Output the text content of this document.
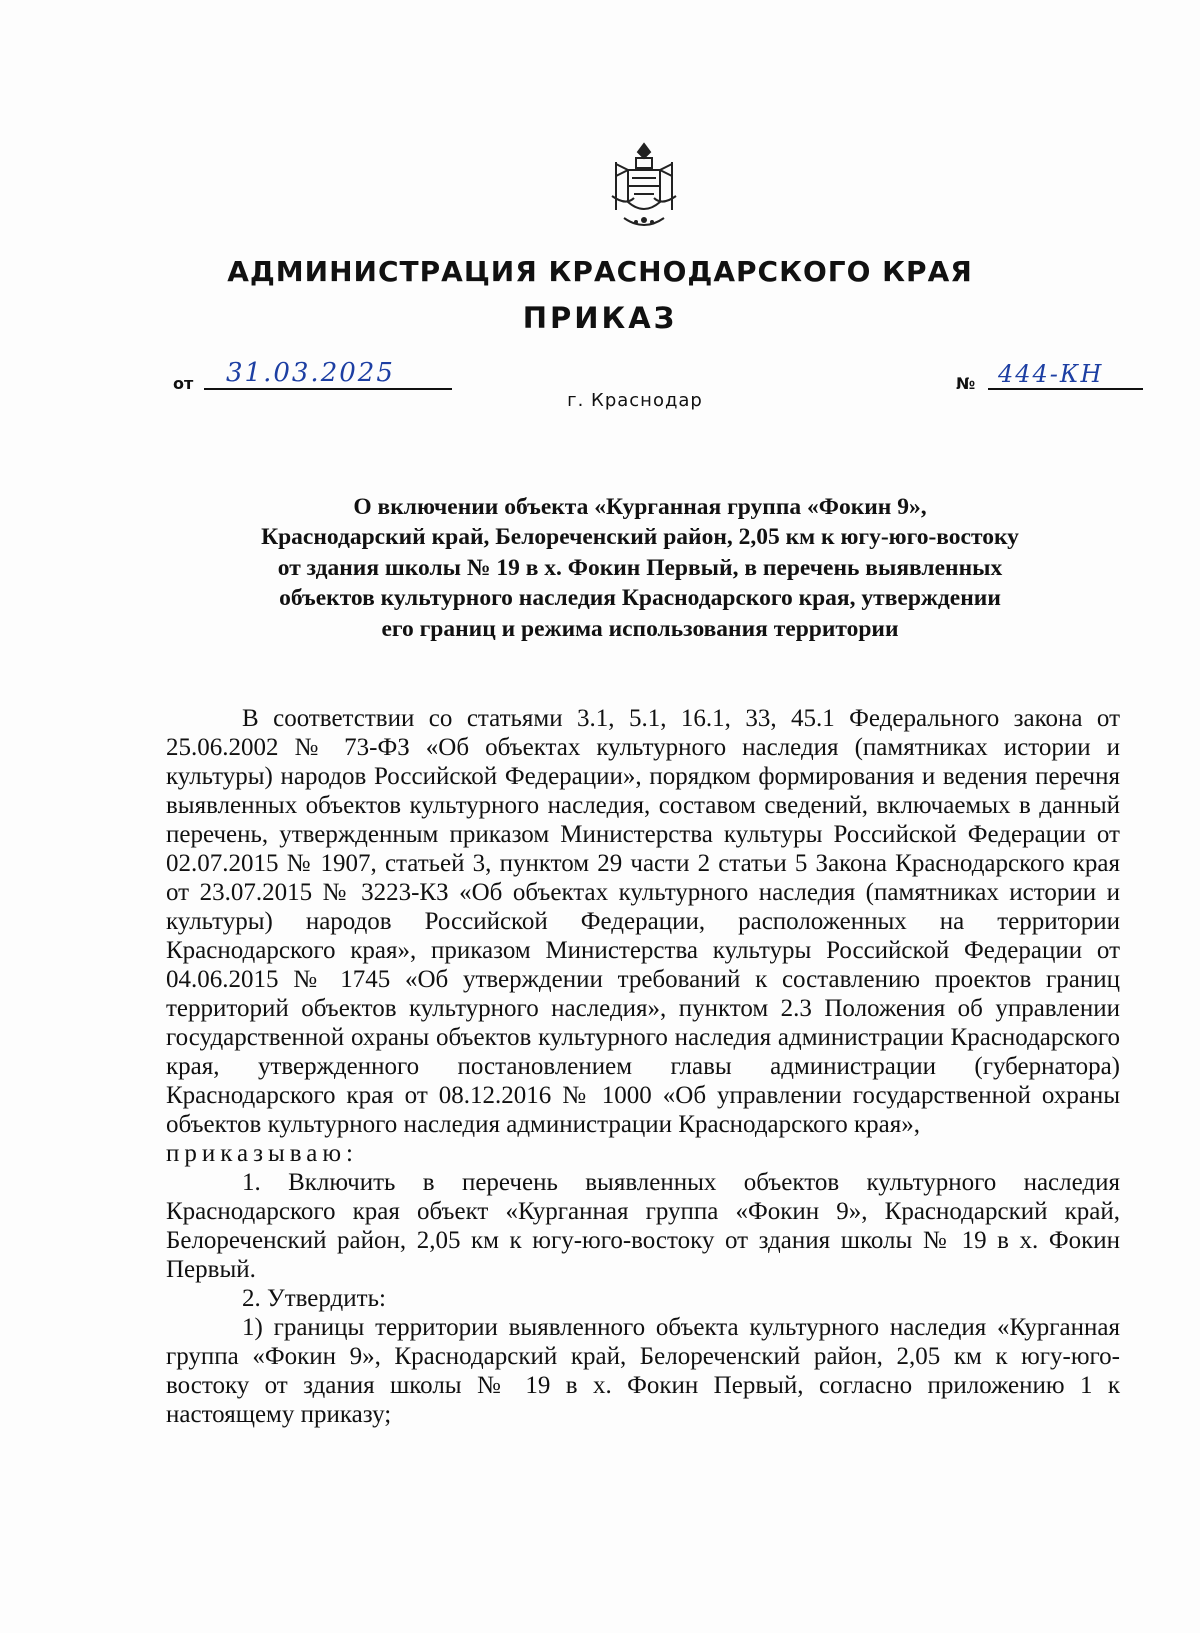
АДМИНИСТРАЦИЯ КРАСНОДАРСКОГО КРАЯ
ПРИКАЗ
от 31.03.2025	№ 444-КН
г. Краснодар
О включении объекта «Курганная группа «Фокин 9»,
Краснодарский край, Белореченский район, 2,05 км к югу-юго-востоку
от здания школы № 19 в х. Фокин Первый, в перечень выявленных
объектов культурного наследия Краснодарского края, утверждении
его границ и режима использования территории

В соответствии со статьями 3.1, 5.1, 16.1, 33, 45.1 Федерального закона от 25.06.2002 № 73-ФЗ «Об объектах культурного наследия (памятниках истории и культуры) народов Российской Федерации», порядком формирования и ведения перечня выявленных объектов культурного наследия, составом сведений, включаемых в данный перечень, утвержденным приказом Министерства культуры Российской Федерации от 02.07.2015 № 1907, статьей 3, пунктом 29 части 2 статьи 5 Закона Краснодарского края от 23.07.2015 № 3223-КЗ «Об объектах культурного наследия (памятниках истории и культуры) народов Российской Федерации, расположенных на территории Краснодарского края», приказом Министерства культуры Российской Федерации от 04.06.2015 № 1745 «Об утверждении требований к составлению проектов границ территорий объектов культурного наследия», пунктом 2.3 Положения об управлении государственной охраны объектов культурного наследия администрации Краснодарского края, утвержденного постановлением главы администрации (губернатора) Краснодарского края от 08.12.2016 № 1000 «Об управлении государственной охраны объектов культурного наследия администрации Краснодарского края»,

приказываю:

1. Включить в перечень выявленных объектов культурного наследия Краснодарского края объект «Курганная группа «Фокин 9», Краснодарский край, Белореченский район, 2,05 км к югу-юго-востоку от здания школы № 19 в х. Фокин Первый.

2. Утвердить:

1) границы территории выявленного объекта культурного наследия «Курганная группа «Фокин 9», Краснодарский край, Белореченский район, 2,05 км к югу-юго-востоку от здания школы № 19 в х. Фокин Первый, согласно приложению 1 к настоящему приказу;
